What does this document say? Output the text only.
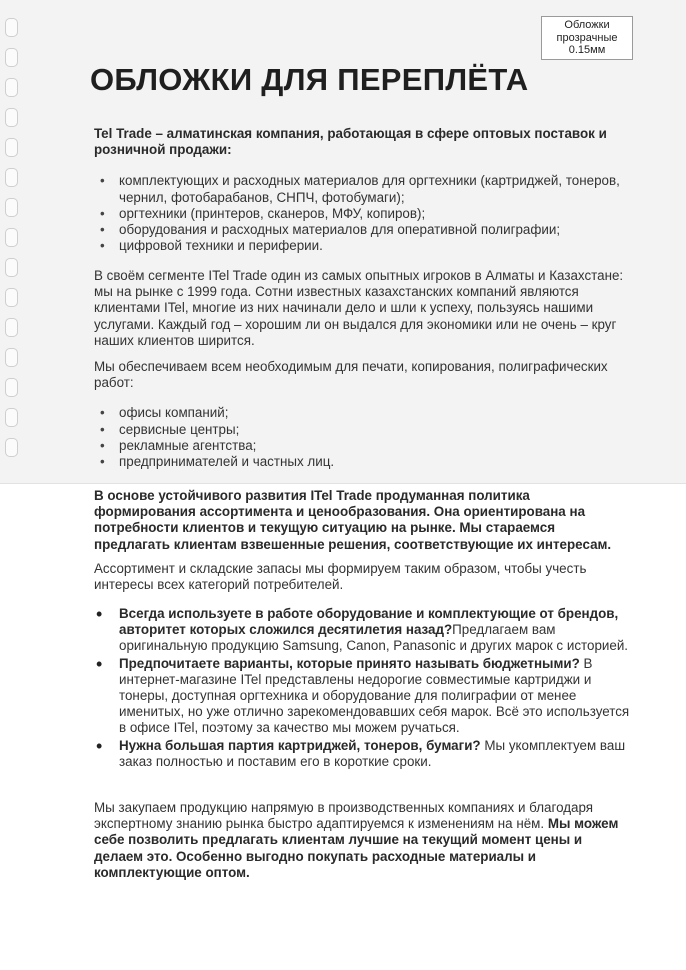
Обложки
прозрачные
0.15мм
ОБЛОЖКИ ДЛЯ ПЕРЕПЛЁТА

Tel Trade – алматинская компания, работающая в сфере оптовых поставок и розничной продажи:

• комплектующих и расходных материалов для оргтехники (картриджей, тонеров, чернил, фотобарабанов, СНПЧ, фотобумаги);
• оргтехники (принтеров, сканеров, МФУ, копиров);
• оборудования и расходных материалов для оперативной полиграфии;
• цифровой техники и периферии.

В своём сегменте ITel Trade один из самых опытных игроков в Алматы и Казахстане: мы на рынке с 1999 года. Сотни известных казахстанских компаний являются клиентами ITel, многие из них начинали дело и шли к успеху, пользуясь нашими услугами. Каждый год – хорошим ли он выдался для экономики или не очень – круг наших клиентов ширится.

Мы обеспечиваем всем необходимым для печати, копирования, полиграфических работ:

• офисы компаний;
• сервисные центры;
• рекламные агентства;
• предпринимателей и частных лиц.

В основе устойчивого развития ITel Trade продуманная политика формирования ассортимента и ценообразования. Она ориентирована на потребности клиентов и текущую ситуацию на рынке. Мы стараемся предлагать клиентам взвешенные решения, соответствующие их интересам.

Ассортимент и складские запасы мы формируем таким образом, чтобы учесть интересы всех категорий потребителей.

• Всегда используете в работе оборудование и комплектующие от брендов, авторитет которых сложился десятилетия назад?Предлагаем вам оригинальную продукцию Samsung, Canon, Panasonic и других марок с историей.
• Предпочитаете варианты, которые принято называть бюджетными? В интернет-магазине ITel представлены недорогие совместимые картриджи и тонеры, доступная оргтехника и оборудование для полиграфии от менее именитых, но уже отлично зарекомендовавших себя марок. Всё это используется в офисе ITel, поэтому за качество мы можем ручаться.
• Нужна большая партия картриджей, тонеров, бумаги? Мы укомплектуем ваш заказ полностью и поставим его в короткие сроки.

Мы закупаем продукцию напрямую в производственных компаниях и благодаря экспертному знанию рынка быстро адаптируемся к изменениям на нём. Мы можем себе позволить предлагать клиентам лучшие на текущий момент цены и делаем это. Особенно выгодно покупать расходные материалы и комплектующие оптом.
